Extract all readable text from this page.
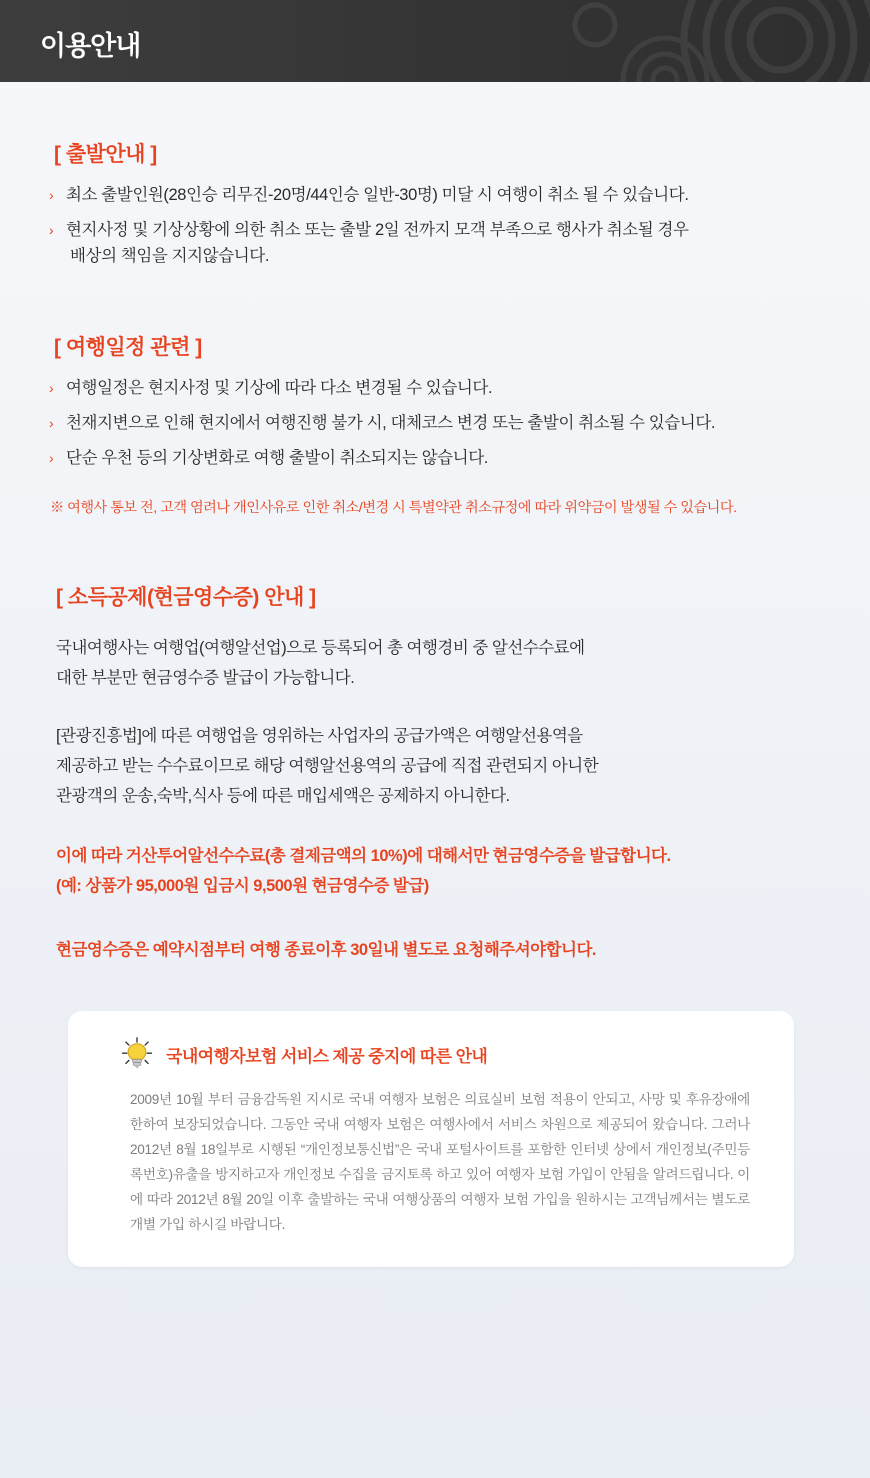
이용안내
[ 출발안내 ]
› 최소 출발인원(28인승 리무진-20명/44인승 일반-30명) 미달 시 여행이 취소 될 수 있습니다.
› 현지사정 및 기상상황에 의한 취소 또는 출발 2일 전까지 모객 부족으로 행사가 취소될 경우
배상의 책임을 지지않습니다.
[ 여행일정 관련 ]
› 여행일정은 현지사정 및 기상에 따라 다소 변경될 수 있습니다.
› 천재지변으로 인해 현지에서 여행진행 불가 시, 대체코스 변경 또는 출발이 취소될 수 있습니다.
› 단순 우천 등의 기상변화로 여행 출발이 취소되지는 않습니다.
※ 여행사 통보 전, 고객 염려나 개인사유로 인한 취소/변경 시 특별약관 취소규정에 따라 위약금이 발생될 수 있습니다.
[ 소득공제(현금영수증) 안내 ]
국내여행사는 여행업(여행알선업)으로 등록되어 총 여행경비 중 알선수수료에
대한 부분만 현금영수증 발급이 가능합니다.
[관광진흥법]에 따른 여행업을 영위하는 사업자의 공급가액은 여행알선용역을
제공하고 받는 수수료이므로 해당 여행알선용역의 공급에 직접 관련되지 아니한
관광객의 운송,숙박,식사 등에 따른 매입세액은 공제하지 아니한다.
이에 따라 거산투어알선수수료(총 결제금액의 10%)에 대해서만 현금영수증을 발급합니다.
(예: 상품가 95,000원 입금시 9,500원 현금영수증 발급)
현금영수증은 예약시점부터 여행 종료이후 30일내 별도로 요청해주셔야합니다.
국내여행자보험 서비스 제공 중지에 따른 안내
2009년 10월 부터 금융감독원 지시로 국내 여행자 보험은 의료실비 보험 적용이 안되고, 사망 및 후유장애에 한하여 보장되었습니다. 그동안 국내 여행자 보험은 여행사에서 서비스 차원으로 제공되어 왔습니다. 그러나 2012년 8월 18일부로 시행된 “개인정보통신법”은 국내 포털사이트를 포함한 인터넷 상에서 개인정보(주민등록번호)유출을 방지하고자 개인정보 수집을 금지토록 하고 있어 여행자 보험 가입이 안됨을 알려드립니다. 이에 따라 2012년 8월 20일 이후 출발하는 국내 여행상품의 여행자 보험 가입을 원하시는 고객님께서는 별도로 개별 가입 하시길 바랍니다.
